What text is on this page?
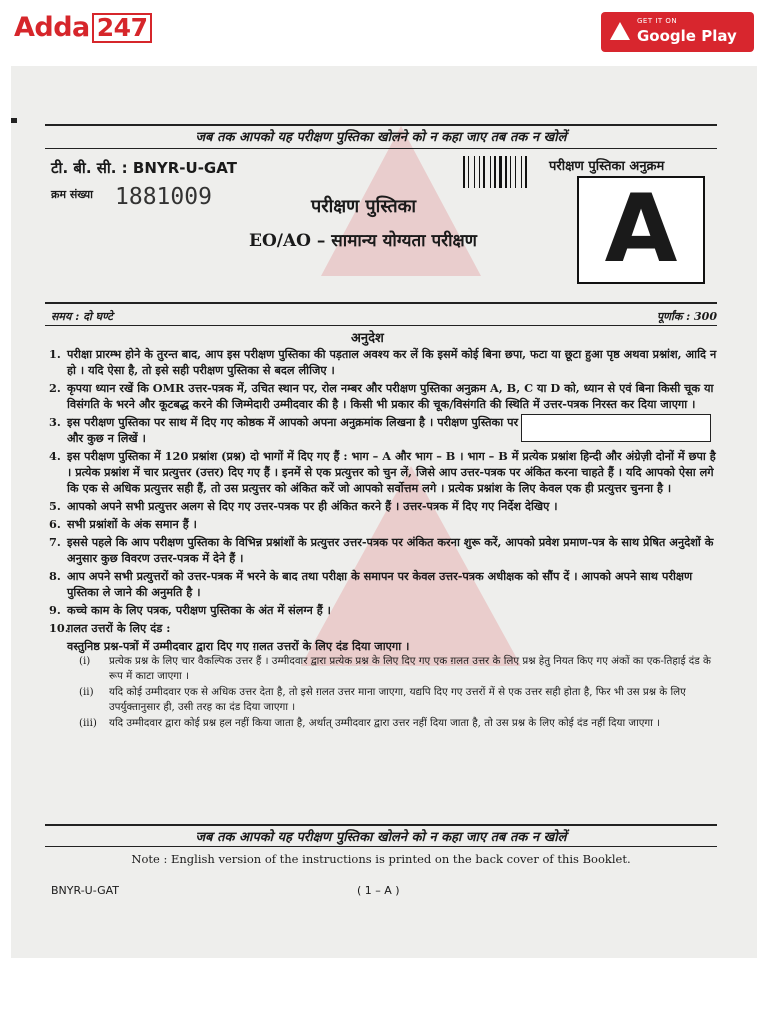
Adda 247	GET IT ON
Google Play
247
जब तक आपको यह परीक्षण पुस्तिका खोलने को न कहा जाए तब तक न खोलें
टी. बी. सी. : BNYR-U-GAT
क्रम संख्या 1881009
परीक्षण पुस्तिका अनुक्रम
परीक्षण पुस्तिका
EO/AO – सामान्य योग्यता परीक्षण A
समय : दो घण्टे	पूर्णांक : 300
अनुदेश
1. परीक्षा प्रारम्भ होने के तुरन्त बाद, आप इस परीक्षण पुस्तिका की पड़ताल अवश्य कर लें कि इसमें कोई बिना छपा, फटा या छूटा हुआ पृष्ठ अथवा प्रश्नांश, आदि न हो । यदि ऐसा है, तो इसे सही परीक्षण पुस्तिका से बदल लीजिए ।
2. कृपया ध्यान रखें कि OMR उत्तर-पत्रक में, उचित स्थान पर, रोल नम्बर और परीक्षण पुस्तिका अनुक्रम A, B, C या D को, ध्यान से एवं बिना किसी चूक या विसंगति के भरने और कूटबद्ध करने की जिम्मेदारी उम्मीदवार की है । किसी भी प्रकार की चूक/विसंगति की स्थिति में उत्तर-पत्रक निरस्त कर दिया जाएगा ।
3. इस परीक्षण पुस्तिका पर साथ में दिए गए कोष्ठक में आपको अपना अनुक्रमांक लिखना है । परीक्षण पुस्तिका पर और कुछ न लिखें ।
4. इस परीक्षण पुस्तिका में 120 प्रश्नांश (प्रश्न) दो भागों में दिए गए हैं : भाग – A और भाग – B । भाग – B में प्रत्येक प्रश्नांश हिन्दी और अंग्रेज़ी दोनों में छपा है । प्रत्येक प्रश्नांश में चार प्रत्युत्तर (उत्तर) दिए गए हैं । इनमें से एक प्रत्युत्तर को चुन लें, जिसे आप उत्तर-पत्रक पर अंकित करना चाहते हैं । यदि आपको ऐसा लगे कि एक से अधिक प्रत्युत्तर सही हैं, तो उस प्रत्युत्तर को अंकित करें जो आपको सर्वोत्तम लगे । प्रत्येक प्रश्नांश के लिए केवल एक ही प्रत्युत्तर चुनना है ।
5. आपको अपने सभी प्रत्युत्तर अलग से दिए गए उत्तर-पत्रक पर ही अंकित करने हैं । उत्तर-पत्रक में दिए गए निर्देश देखिए ।
6. सभी प्रश्नांशों के अंक समान हैं ।
7. इससे पहले कि आप परीक्षण पुस्तिका के विभिन्न प्रश्नांशों के प्रत्युत्तर उत्तर-पत्रक पर अंकित करना शुरू करें, आपको प्रवेश प्रमाण-पत्र के साथ प्रेषित अनुदेशों के अनुसार कुछ विवरण उत्तर-पत्रक में देने हैं ।
8. आप अपने सभी प्रत्युत्तरों को उत्तर-पत्रक में भरने के बाद तथा परीक्षा के समापन पर केवल उत्तर-पत्रक अधीक्षक को सौंप दें । आपको अपने साथ परीक्षण पुस्तिका ले जाने की अनुमति है ।
9. कच्चे काम के लिए पत्रक, परीक्षण पुस्तिका के अंत में संलग्न हैं ।
10.
ग़लत उत्तरों के लिए दंड :
वस्तुनिष्ठ प्रश्न-पत्रों में उम्मीदवार द्वारा दिए गए ग़लत उत्तरों के लिए दंड दिया जाएगा ।
(i)	प्रत्येक प्रश्न के लिए चार वैकल्पिक उत्तर हैं । उम्मीदवार द्वारा प्रत्येक प्रश्न के लिए दिए गए एक ग़लत उत्तर के लिए प्रश्न हेतु नियत किए गए अंकों का एक-तिहाई दंड के रूप में काटा जाएगा ।
(ii)	यदि कोई उम्मीदवार एक से अधिक उत्तर देता है, तो इसे ग़लत उत्तर माना जाएगा, यद्यपि दिए गए उत्तरों में से एक उत्तर सही होता है, फिर भी उस प्रश्न के लिए उपर्युक्तानुसार ही, उसी तरह का दंड दिया जाएगा ।
(iii)	यदि उम्मीदवार द्वारा कोई प्रश्न हल नहीं किया जाता है, अर्थात् उम्मीदवार द्वारा उत्तर नहीं दिया जाता है, तो उस प्रश्न के लिए कोई दंड नहीं दिया जाएगा ।
जब तक आपको यह परीक्षण पुस्तिका खोलने को न कहा जाए तब तक न खोलें
Note : English version of the instructions is printed on the back cover of this Booklet.
BNYR-U-GAT	( 1 – A )
